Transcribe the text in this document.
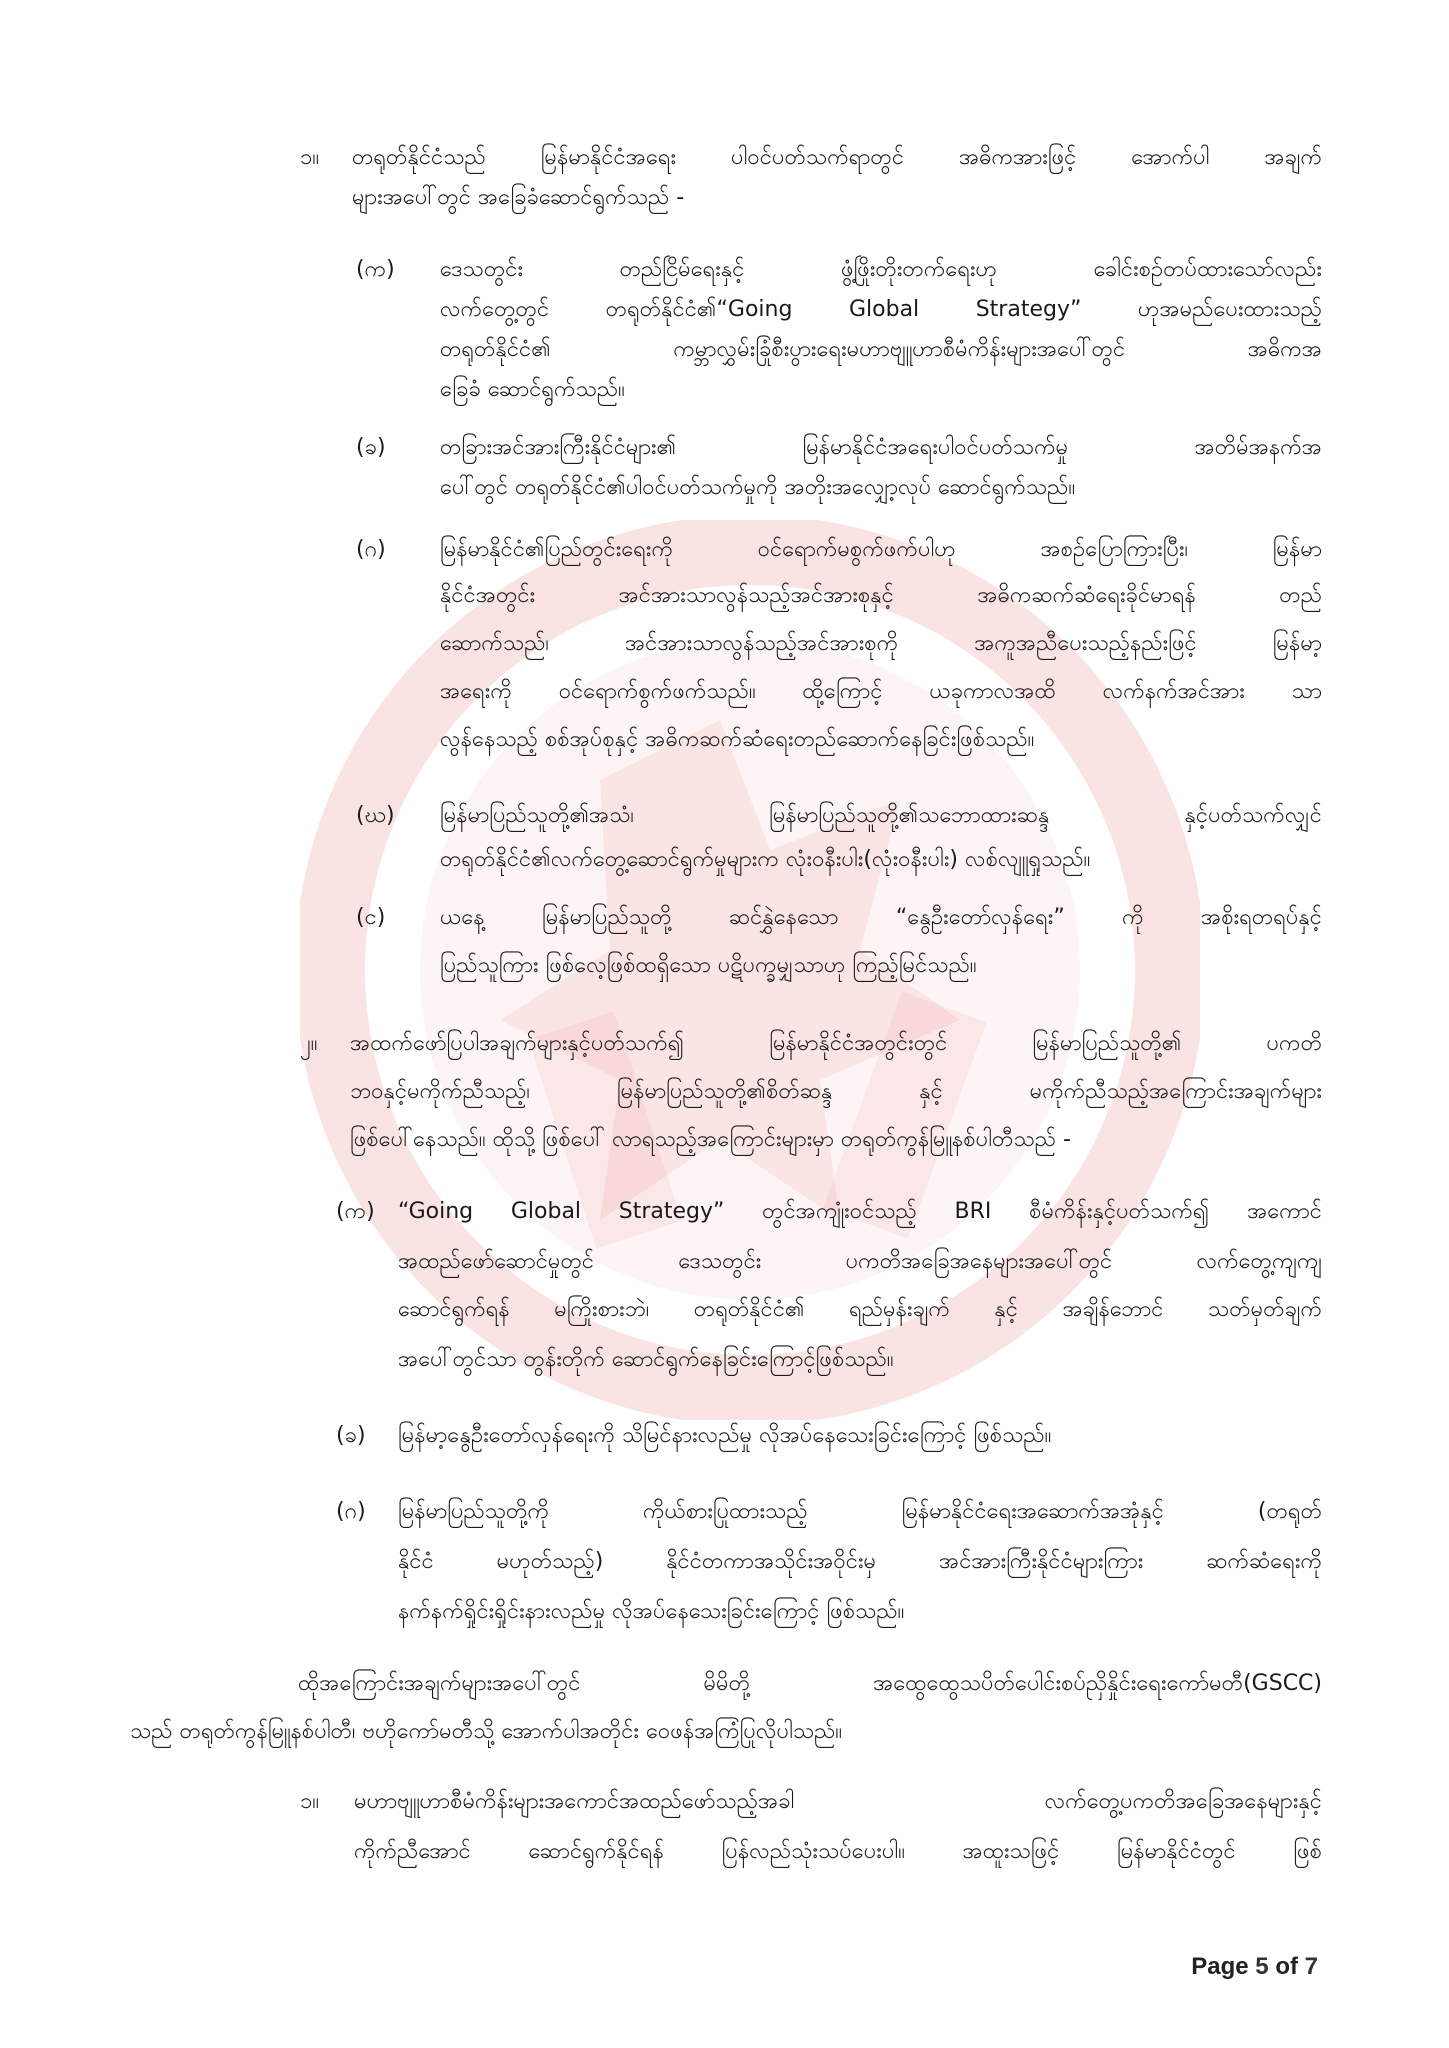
၁။ တရုတ်နိုင်ငံသည် မြန်မာနိုင်ငံအရေး ပါဝင်ပတ်သက်ရာတွင် အဓိကအားဖြင့် အောက်ပါ အချက်
များအပေါ်တွင် အခြေခံဆောင်ရွက်သည် -
(က) ဒေသတွင်း တည်ငြိမ်ရေးနှင့် ဖွံ့ဖြိုးတိုးတက်ရေးဟု ခေါင်းစဉ်တပ်ထားသော်လည်း
လက်တွေ့တွင် တရုတ်နိုင်ငံ၏“Going Global Strategy” ဟုအမည်ပေးထားသည့်
တရုတ်နိုင်ငံ၏ ကမ္ဘာလွှမ်းခြုံစီးပွားရေးမဟာဗျူဟာစီမံကိန်းများအပေါ်တွင် အဓိကအ
ခြေခံ ဆောင်ရွက်သည်။
(ခ) တခြားအင်အားကြီးနိုင်ငံများ၏ မြန်မာနိုင်ငံအရေးပါဝင်ပတ်သက်မှု အတိမ်အနက်အ
ပေါ်တွင် တရုတ်နိုင်ငံ၏ပါဝင်ပတ်သက်မှုကို အတိုးအလျှော့လုပ် ဆောင်ရွက်သည်။
(ဂ) မြန်မာနိုင်ငံ၏ပြည်တွင်းရေးကို ဝင်ရောက်မစွက်ဖက်ပါဟု အစဉ်ပြောကြားပြီး၊ မြန်မာ
နိုင်ငံအတွင်း အင်အားသာလွန်သည့်အင်အားစုနှင့် အဓိကဆက်ဆံရေးခိုင်မာရန် တည်
ဆောက်သည်၊ အင်အားသာလွန်သည့်အင်အားစုကို အကူအညီပေးသည့်နည်းဖြင့် မြန်မာ့
အရေးကို ဝင်ရောက်စွက်ဖက်သည်။ ထို့ကြောင့် ယခုကာလအထိ လက်နက်အင်အား သာ
လွန်နေသည့် စစ်အုပ်စုနှင့် အဓိကဆက်ဆံရေးတည်ဆောက်နေခြင်းဖြစ်သည်။
(ဃ) မြန်မာပြည်သူတို့၏အသံ၊ မြန်မာပြည်သူတို့၏သဘောထားဆန္ဒ နှင့်ပတ်သက်လျှင်
တရုတ်နိုင်ငံ၏လက်တွေ့ဆောင်ရွက်မှုများက လုံးဝနီးပါး(လုံးဝနီးပါး) လစ်လျူရှုသည်။
(င) ယနေ့ မြန်မာပြည်သူတို့ ဆင်နွှဲနေသော “နွေဦးတော်လှန်ရေး” ကို အစိုးရတရပ်နှင့်
ပြည်သူကြား ဖြစ်လေ့ဖြစ်ထရှိသော ပဋိပက္ခမျှသာဟု ကြည့်မြင်သည်။
၂။ အထက်ဖော်ပြပါအချက်များနှင့်ပတ်သက်၍ မြန်မာနိုင်ငံအတွင်းတွင် မြန်မာပြည်သူတို့၏ ပကတိ
ဘဝနှင့်မကိုက်ညီသည့်၊ မြန်မာပြည်သူတို့၏စိတ်ဆန္ဒ နှင့် မကိုက်ညီသည့်အကြောင်းအချက်များ
ဖြစ်ပေါ်နေသည်။ ထိုသို့ ဖြစ်ပေါ် လာရသည့်အကြောင်းများမှာ တရုတ်ကွန်မြူနစ်ပါတီသည် -
(က) “Going Global Strategy” တွင်အကျုံးဝင်သည့် BRI စီမံကိန်းနှင့်ပတ်သက်၍ အကောင်
အထည်ဖော်ဆောင်မှုတွင် ဒေသတွင်း ပကတိအခြေအနေများအပေါ်တွင် လက်တွေ့ကျကျ
ဆောင်ရွက်ရန် မကြိုးစားဘဲ၊ တရုတ်နိုင်ငံ၏ ရည်မှန်းချက် နှင့် အချိန်ဘောင် သတ်မှတ်ချက်
အပေါ်တွင်သာ တွန်းတိုက် ဆောင်ရွက်နေခြင်းကြောင့်ဖြစ်သည်။
(ခ) မြန်မာ့နွေဦးတော်လှန်ရေးကို သိမြင်နားလည်မှု လိုအပ်နေသေးခြင်းကြောင့် ဖြစ်သည်။
(ဂ) မြန်မာပြည်သူတို့ကို ကိုယ်စားပြုထားသည့် မြန်မာနိုင်ငံရေးအဆောက်အအုံနှင့် (တရုတ်
နိုင်ငံ မဟုတ်သည့်) နိုင်ငံတကာအသိုင်းအဝိုင်းမှ အင်အားကြီးနိုင်ငံများကြား ဆက်ဆံရေးကို
နက်နက်ရှိုင်းရှိုင်းနားလည်မှု လိုအပ်နေသေးခြင်းကြောင့် ဖြစ်သည်။
ထိုအကြောင်းအချက်များအပေါ်တွင် မိမိတို့ အထွေထွေသပိတ်ပေါင်းစပ်ညှိနှိုင်းရေးကော်မတီ(GSCC)
သည် တရုတ်ကွန်မြူနစ်ပါတီ၊ ဗဟိုကော်မတီသို့ အောက်ပါအတိုင်း ဝေဖန်အကြံပြုလိုပါသည်။
၁။ မဟာဗျူဟာစီမံကိန်းများအကောင်အထည်ဖော်သည့်အခါ လက်တွေ့ပကတိအခြေအနေများနှင့်
ကိုက်ညီအောင် ဆောင်ရွက်နိုင်ရန် ပြန်လည်သုံးသပ်ပေးပါ။ အထူးသဖြင့် မြန်မာနိုင်ငံတွင် ဖြစ်
Page 5 of 7
